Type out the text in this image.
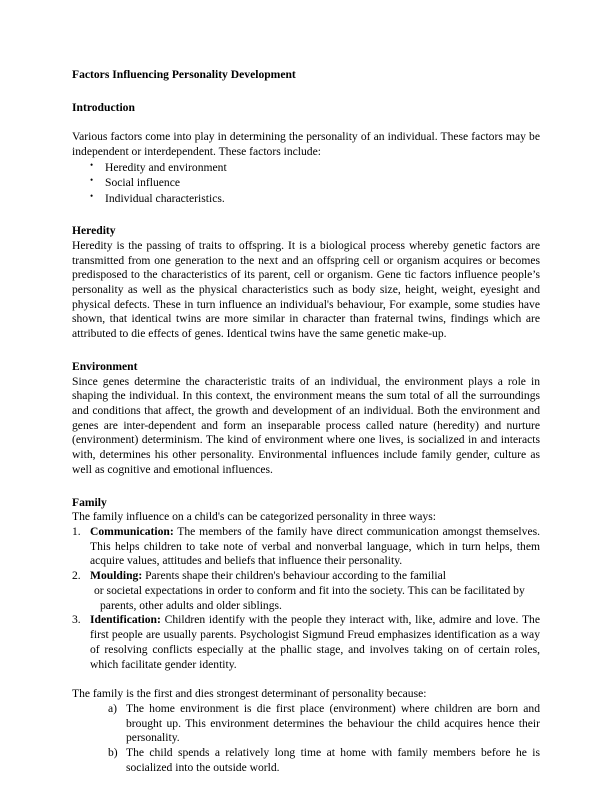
Factors Influencing Personality Development
Introduction

Various factors come into play in determining the personality of an individual. These factors may be independent or interdependent. These factors include:

• Heredity and environment
• Social influence
• Individual characteristics.
Heredity

Heredity is the passing of traits to offspring. It is a biological process whereby genetic factors are transmitted from one generation to the next and an offspring cell or organism acquires or becomes predisposed to the characteristics of its parent, cell or organism. Gene tic factors influence people’s personality as well as the physical characteristics such as body size, height, weight, eyesight and physical defects. These in turn influence an individual's behaviour, For example, some studies have shown, that identical twins are more similar in character than fraternal twins, findings which are attributed to die effects of genes. Identical twins have the same genetic make-up.

Environment

Since genes determine the characteristic traits of an individual, the environment plays a role in shaping the individual. In this context, the environment means the sum total of all the surroundings and conditions that affect, the growth and development of an individual. Both the environment and genes are inter-dependent and form an inseparable process called nature (heredity) and nurture (environment) determinism. The kind of environment where one lives, is socialized in and interacts with, determines his other personality. Environmental influences include family gender, culture as well as cognitive and emotional influences.

Family

The family influence on a child's can be categorized personality in three ways:

1. Communication: The members of the family have direct communication amongst themselves. This helps children to take note of verbal and nonverbal language, which in turn helps, them acquire values, attitudes and beliefs that influence their personality.
2. Moulding: Parents shape their children's behaviour according to the familial
or societal expectations in order to conform and fit into the society. This can be facilitated by
parents, other adults and older siblings.
3. Identification: Children identify with the people they interact with, like, admire and love. The first people are usually parents. Psychologist Sigmund Freud emphasizes identification as a way of resolving conflicts especially at the phallic stage, and involves taking on of certain roles, which facilitate gender identity.

The family is the first and dies strongest determinant of personality because:

a) The home environment is die first place (environment) where children are born and brought up. This environment determines the behaviour the child acquires hence their personality.
b) The child spends a relatively long time at home with family members before he is socialized into the outside world.
